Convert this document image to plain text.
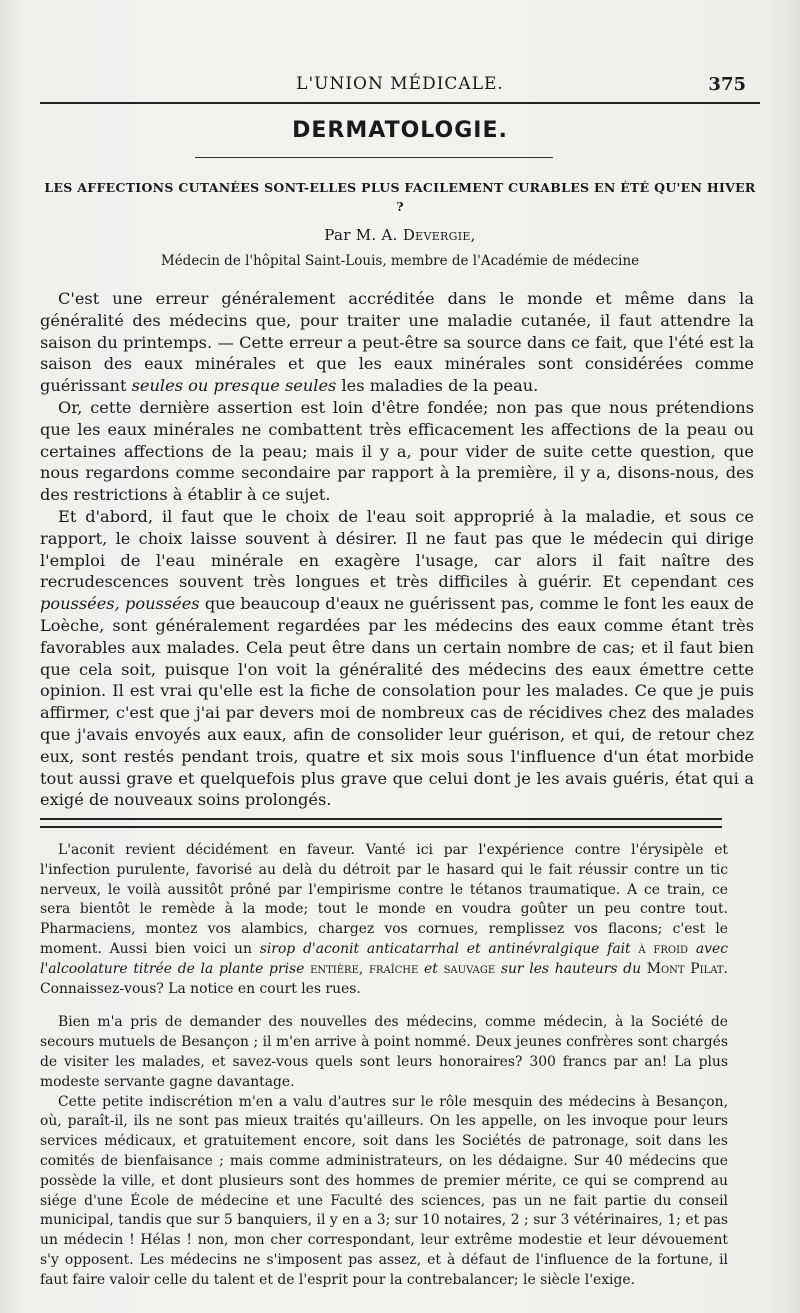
L'UNION MÉDICALE.	375
DERMATOLOGIE.
LES AFFECTIONS CUTANÉES SONT-ELLES PLUS FACILEMENT CURABLES EN ÉTÉ QU'EN HIVER ?
Par M. A. Devergie,
Médecin de l'hôpital Saint-Louis, membre de l'Académie de médecine

C'est une erreur généralement accréditée dans le monde et même dans la généralité des médecins que, pour traiter une maladie cutanée, il faut attendre la saison du printemps. — Cette erreur a peut-être sa source dans ce fait, que l'été est la saison des eaux minérales et que les eaux minérales sont considérées comme guérissant seules ou presque seules les maladies de la peau.

Or, cette dernière assertion est loin d'être fondée; non pas que nous prétendions que les eaux minérales ne combattent très efficacement les affections de la peau ou certaines affections de la peau; mais il y a, pour vider de suite cette question, que nous regardons comme secondaire par rapport à la première, il y a, disons-nous, des des restrictions à établir à ce sujet.

Et d'abord, il faut que le choix de l'eau soit approprié à la maladie, et sous ce rapport, le choix laisse souvent à désirer. Il ne faut pas que le médecin qui dirige l'emploi de l'eau minérale en exagère l'usage, car alors il fait naître des recrudescences souvent très longues et très difficiles à guérir. Et cependant ces poussées, poussées que beaucoup d'eaux ne guérissent pas, comme le font les eaux de Loèche, sont généralement regardées par les médecins des eaux comme étant très favorables aux malades. Cela peut être dans un certain nombre de cas; et il faut bien que cela soit, puisque l'on voit la généralité des médecins des eaux émettre cette opinion. Il est vrai qu'elle est la fiche de consolation pour les malades. Ce que je puis affirmer, c'est que j'ai par devers moi de nombreux cas de récidives chez des malades que j'avais envoyés aux eaux, afin de consolider leur guérison, et qui, de retour chez eux, sont restés pendant trois, quatre et six mois sous l'influence d'un état morbide tout aussi grave et quelquefois plus grave que celui dont je les avais guéris, état qui a exigé de nouveaux soins prolongés.

L'aconit revient décidément en faveur. Vanté ici par l'expérience contre l'érysipèle et l'infection purulente, favorisé au delà du détroit par le hasard qui le fait réussir contre un tic nerveux, le voilà aussitôt prôné par l'empirisme contre le tétanos traumatique. A ce train, ce sera bientôt le remède à la mode; tout le monde en voudra goûter un peu contre tout. Pharmaciens, montez vos alambics, chargez vos cornues, remplissez vos flacons; c'est le moment. Aussi bien voici un sirop d'aconit anticatarrhal et antinévralgique fait à froid avec l'alcoolature titrée de la plante prise entière, fraîche et sauvage sur les hauteurs du Mont Pilat. Connaissez-vous? La notice en court les rues.

Bien m'a pris de demander des nouvelles des médecins, comme médecin, à la Société de secours mutuels de Besançon ; il m'en arrive à point nommé. Deux jeunes confrères sont chargés de visiter les malades, et savez-vous quels sont leurs honoraires? 300 francs par an! La plus modeste servante gagne davantage.

Cette petite indiscrétion m'en a valu d'autres sur le rôle mesquin des médecins à Besançon, où, paraît-il, ils ne sont pas mieux traités qu'ailleurs. On les appelle, on les invoque pour leurs services médicaux, et gratuitement encore, soit dans les Sociétés de patronage, soit dans les comités de bienfaisance ; mais comme administrateurs, on les dédaigne. Sur 40 médecins que possède la ville, et dont plusieurs sont des hommes de premier mérite, ce qui se comprend au siége d'une École de médecine et une Faculté des sciences, pas un ne fait partie du conseil municipal, tandis que sur 5 banquiers, il y en a 3; sur 10 notaires, 2 ; sur 3 vétérinaires, 1; et pas un médecin ! Hélas ! non, mon cher correspondant, leur extrême modestie et leur dévouement s'y opposent. Les médecins ne s'imposent pas assez, et à défaut de l'influence de la fortune, il faut faire valoir celle du talent et de l'esprit pour la contrebalancer; le siècle l'exige.
